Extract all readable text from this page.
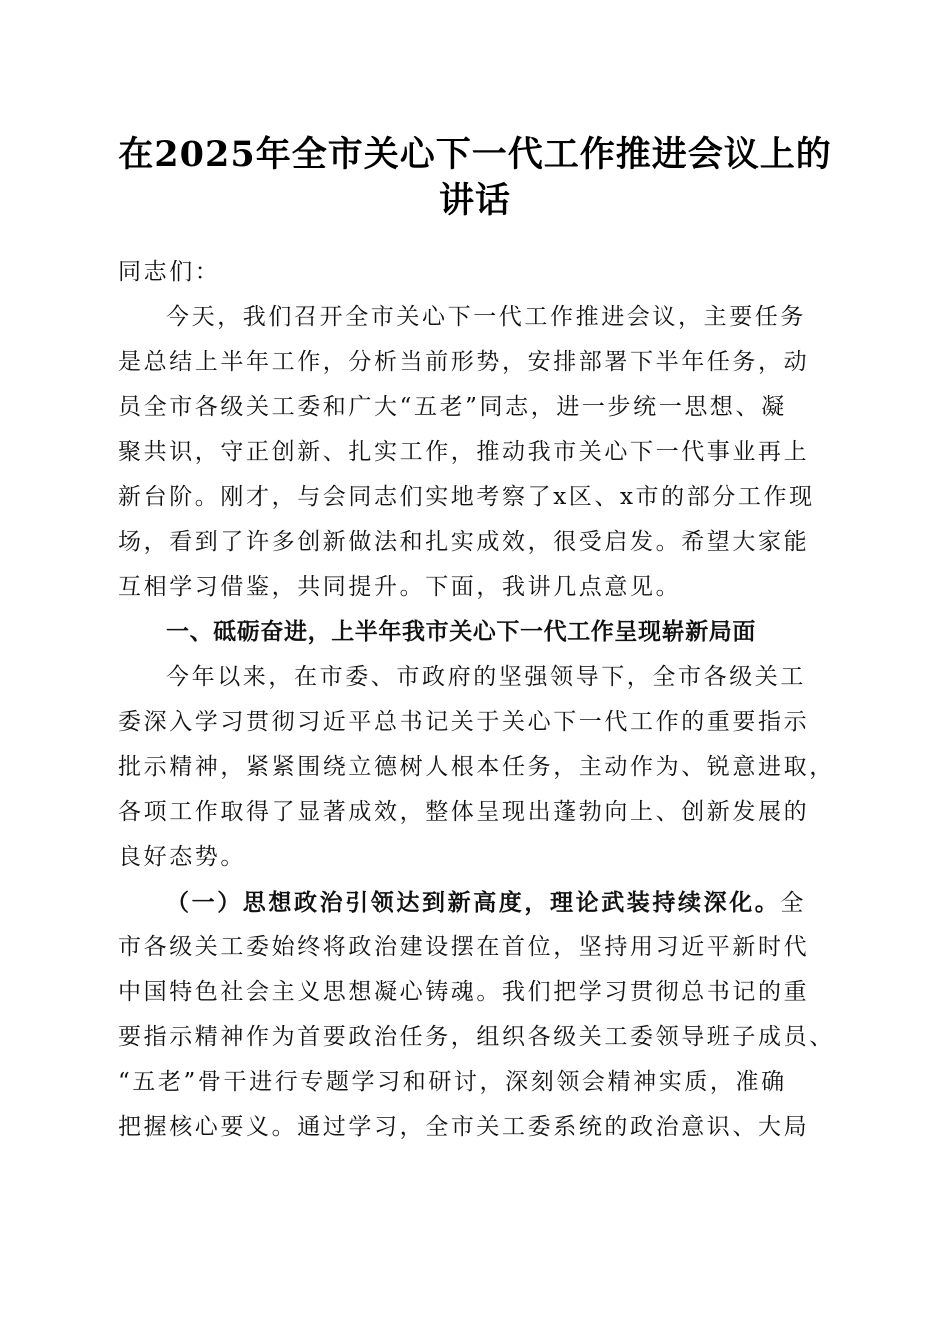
在2025年全市关心下一代工作推进会议上的
讲话
同志们：
今天，我们召开全市关心下一代工作推进会议，主要任务
是总结上半年工作，分析当前形势，安排部署下半年任务，动
员全市各级关工委和广大“五老”同志，进一步统一思想、凝
聚共识，守正创新、扎实工作，推动我市关心下一代事业再上
新台阶。刚才，与会同志们实地考察了x区、x市的部分工作现
场，看到了许多创新做法和扎实成效，很受启发。希望大家能
互相学习借鉴，共同提升。下面，我讲几点意见。
一、砥砺奋进，上半年我市关心下一代工作呈现崭新局面
今年以来，在市委、市政府的坚强领导下，全市各级关工
委深入学习贯彻习近平总书记关于关心下一代工作的重要指示
批示精神，紧紧围绕立德树人根本任务，主动作为、锐意进取，
各项工作取得了显著成效，整体呈现出蓬勃向上、创新发展的
良好态势。
（一）思想政治引领达到新高度，理论武装持续深化。全
市各级关工委始终将政治建设摆在首位，坚持用习近平新时代
中国特色社会主义思想凝心铸魂。我们把学习贯彻总书记的重
要指示精神作为首要政治任务，组织各级关工委领导班子成员、
“五老”骨干进行专题学习和研讨，深刻领会精神实质，准确
把握核心要义。通过学习，全市关工委系统的政治意识、大局
